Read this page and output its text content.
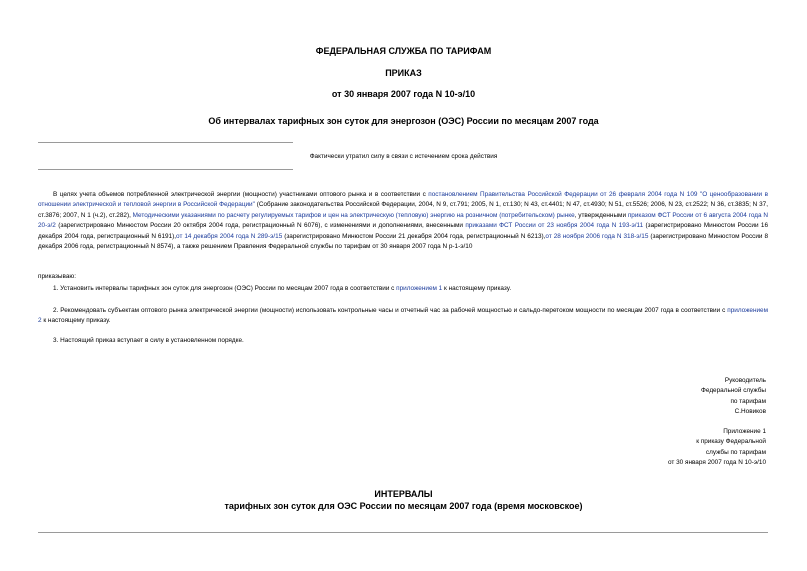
ФЕДЕРАЛЬНАЯ СЛУЖБА ПО ТАРИФАМ
ПРИКАЗ
от 30 января 2007 года N 10-э/10
Об интервалах тарифных зон суток для энергозон (ОЭС) России по месяцам 2007 года
Фактически утратил силу в связи с истечением срока действия

В целях учета объемов потребленной электрической энергии (мощности) участниками оптового рынка и в соответствии с постановлением Правительства Российской Федерации от 26 февраля 2004 года N 109 "О ценообразовании в отношении электрической и тепловой энергии в Российской Федерации" (Собрание законодательства Российской Федерации, 2004, N 9, ст.791; 2005, N 1, ст.130; N 43, ст.4401; N 47, ст.4930; N 51, ст.5526; 2006, N 23, ст.2522; N 36, ст.3835; N 37, ст.3876; 2007, N 1 (ч.2), ст.282), Методическими указаниями по расчету регулируемых тарифов и цен на электрическую (тепловую) энергию на розничном (потребительском) рынке, утвержденными приказом ФСТ России от 6 августа 2004 года N 20-э/2 (зарегистрировано Минюстом России 20 октября 2004 года, регистрационный N 6076), с изменениями и дополнениями, внесенными приказами ФСТ России от 23 ноября 2004 года N 193-э/11 (зарегистрировано Минюстом России 16 декабря 2004 года, регистрационный N 6191),от 14 декабря 2004 года N 289-э/15 (зарегистрировано Минюстом России 21 декабря 2004 года, регистрационный N 6213),от 28 ноября 2006 года N 318-э/15 (зарегистрировано Минюстом России 8 декабря 2006 года, регистрационный N 8574), а также решением Правления Федеральной службы по тарифам от 30 января 2007 года N р-1-э/10

приказываю:

1. Установить интервалы тарифных зон суток для энергозон (ОЭС) России по месяцам 2007 года в соответствии с приложением 1 к настоящему приказу.

2. Рекомендовать субъектам оптового рынка электрической энергии (мощности) использовать контрольные часы и отчетный час за рабочей мощностью и сальдо-перетоком мощности по месяцам 2007 года в соответствии с приложением 2 к настоящему приказу.

3. Настоящий приказ вступает в силу в установленном порядке.

Руководитель
Федеральной службы
по тарифам
С.Новиков
Приложение 1
к приказу Федеральной
службы по тарифам
от 30 января 2007 года N 10-э/10
ИНТЕРВАЛЫ
тарифных зон суток для ОЭС России по месяцам 2007 года (время московское)
